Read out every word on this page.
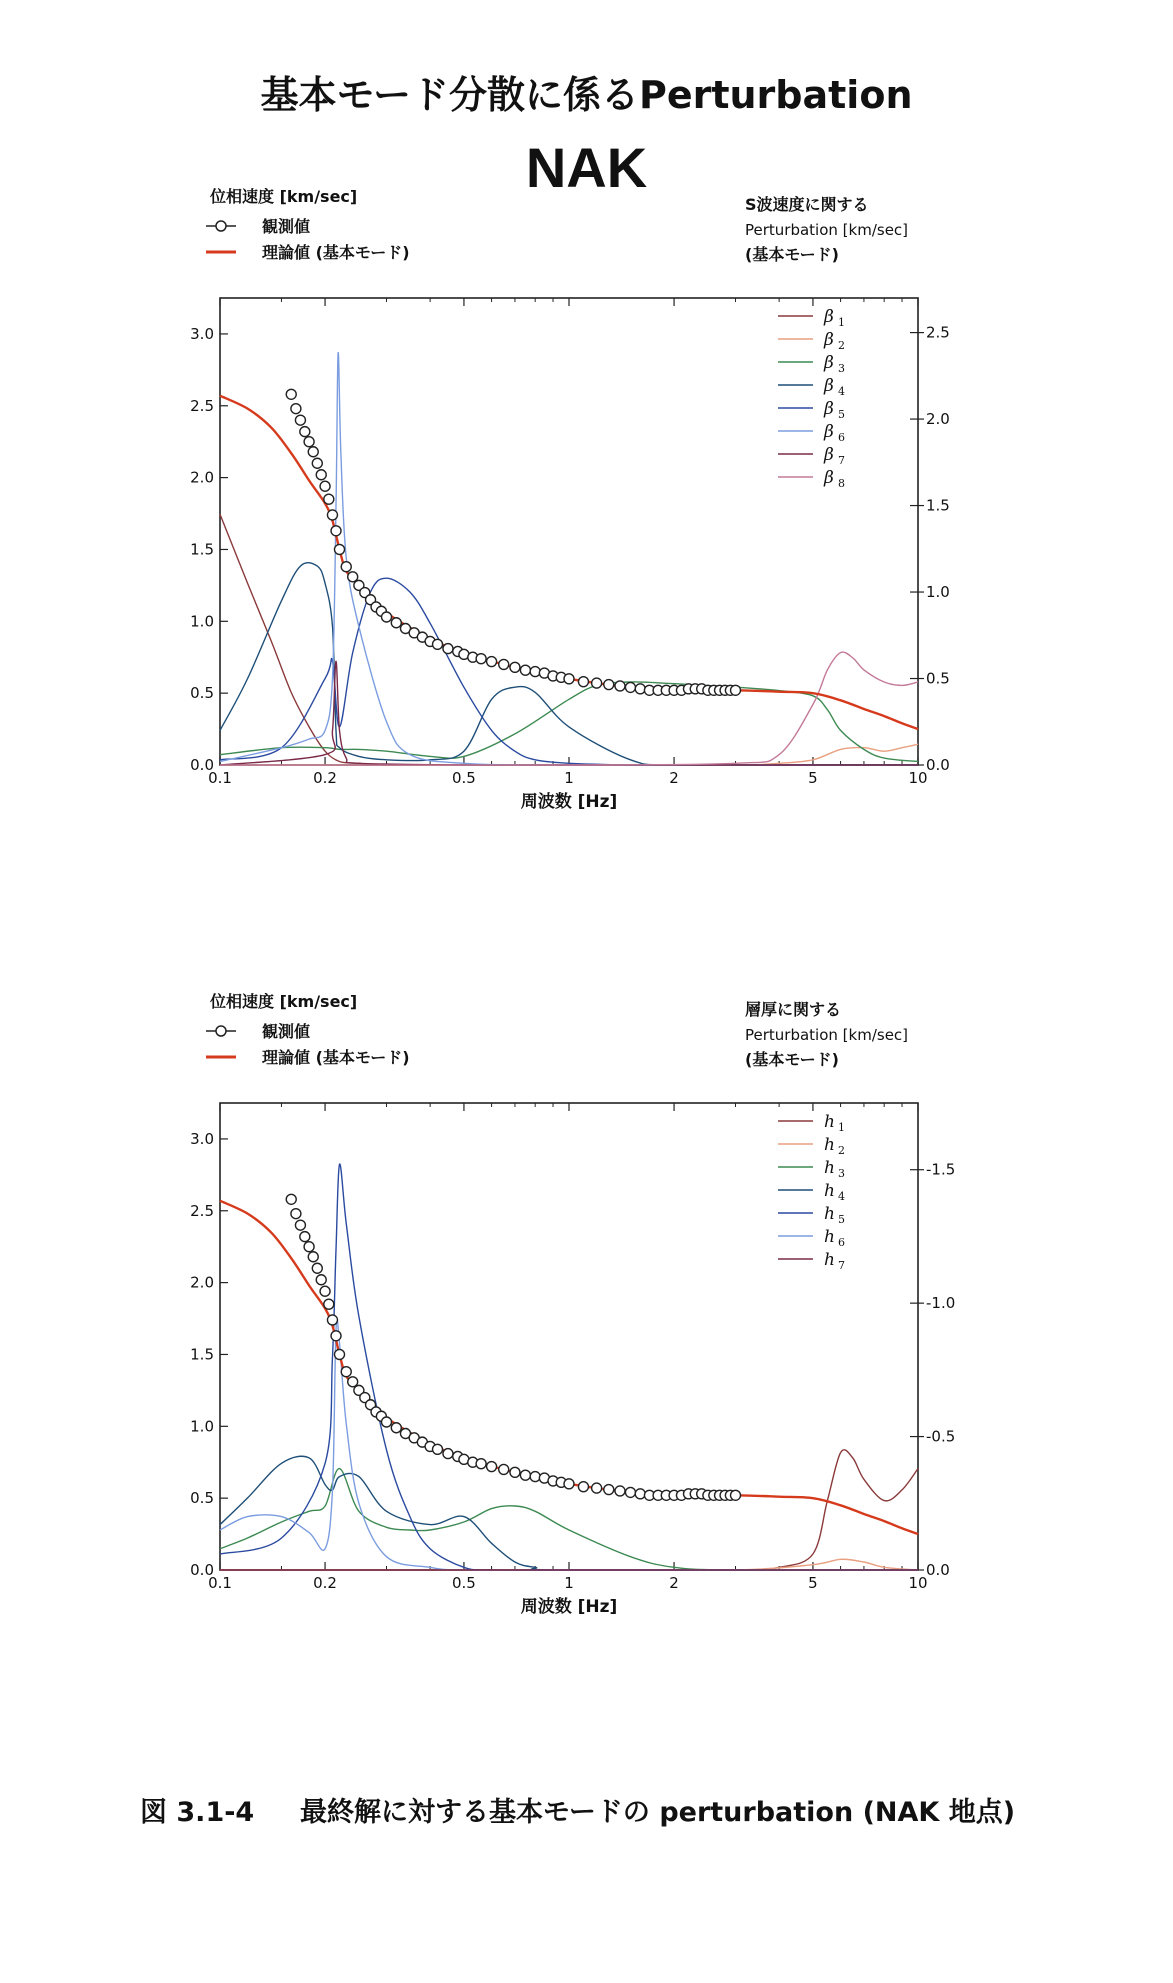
基本モード分散に係るPerturbation
NAK
位相速度 [km/sec]
観測値
理論値 (基本モード)
S波速度に関する
Perturbation [km/sec]
(基本モード)
0.1	0.2	0.5	1	2	5	10
周波数 [Hz]
0.0
0.5
1.0
1.5
2.0
2.5
3.0
0.0
0.5
1.0
1.5
2.0
2.5
β 1
β 2
β 3
β 4
β 5
β 6
β 7
β 8
位相速度 [km/sec]
観測値
理論値 (基本モード)
層厚に関する
Perturbation [km/sec]
(基本モード)
0.1	0.2	0.5	1	2	5	10
周波数 [Hz]
0.0
0.5
1.0
1.5
2.0
2.5
3.0
0.0
-0.5
-1.0
-1.5
h 1
h 2
h 3
h 4
h 5
h 6
h 7
図 3.1-4 最終解に対する基本モードの perturbation (NAK 地点)
